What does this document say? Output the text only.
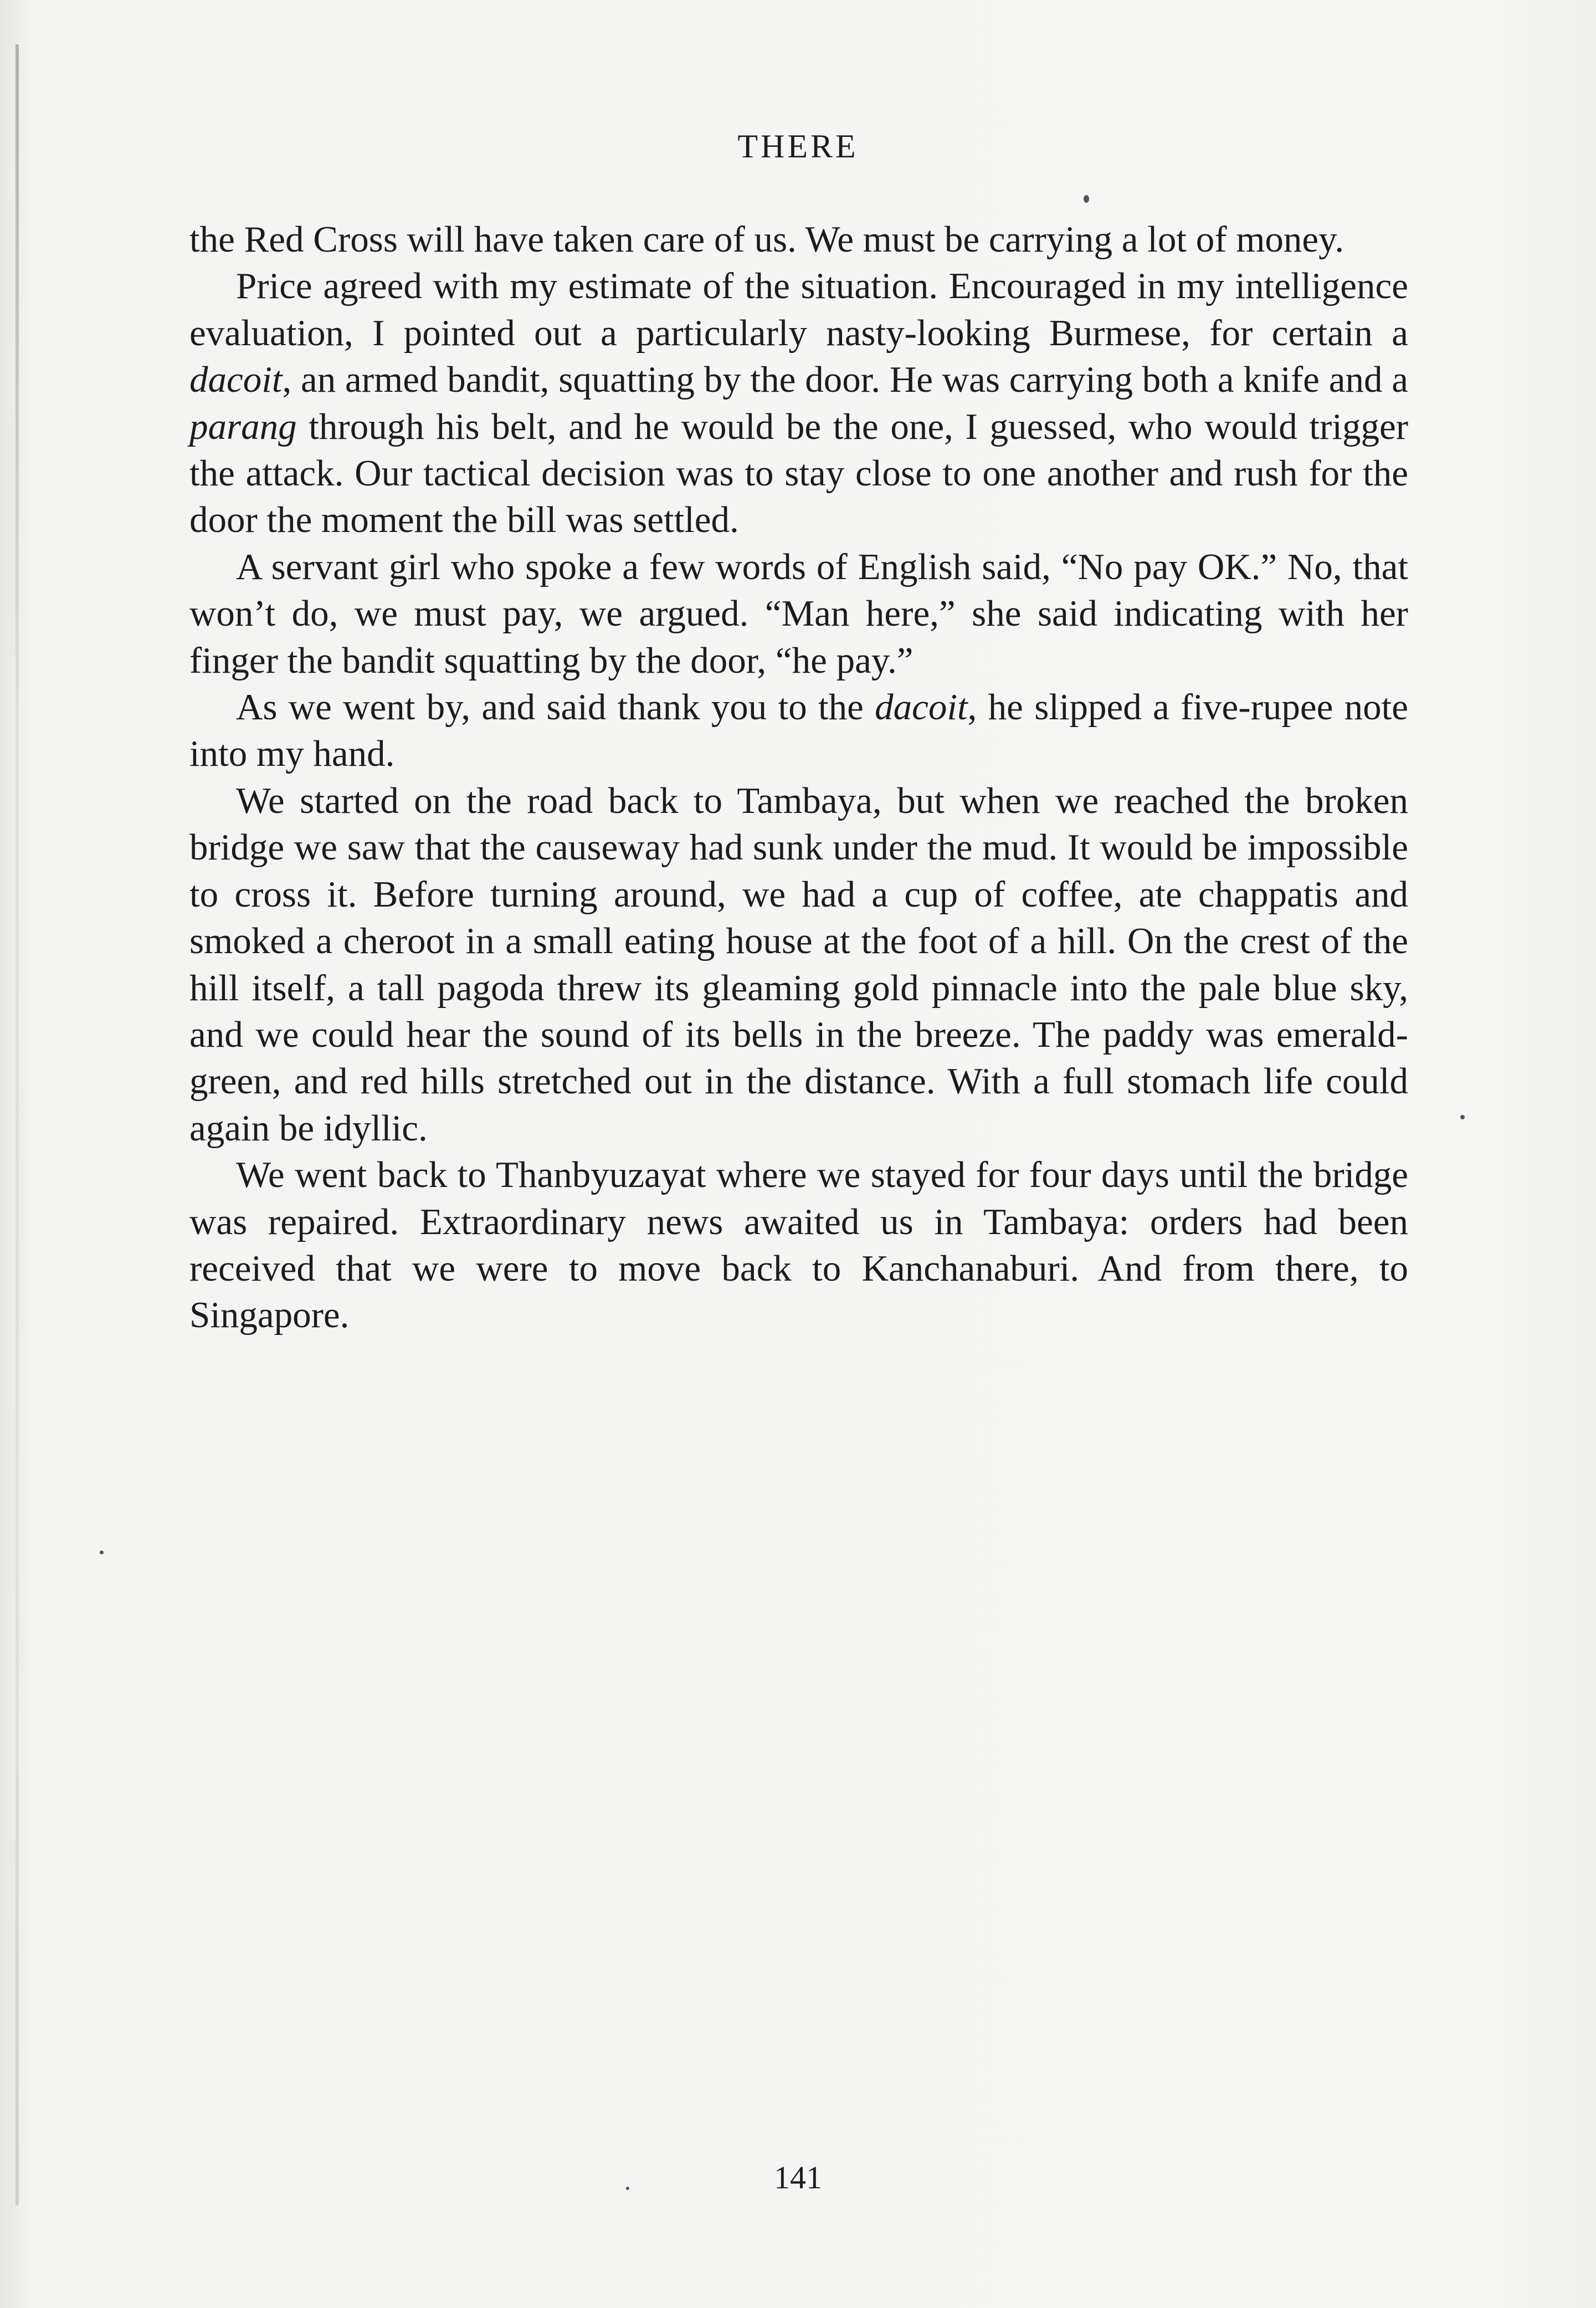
THERE

the Red Cross will have taken care of us. We must be carrying a lot of money.

Price agreed with my estimate of the situation. Encouraged in my intelligence evaluation, I pointed out a particularly nasty-looking Burmese, for certain a dacoit, an armed bandit, squatting by the door. He was carrying both a knife and a parang through his belt, and he would be the one, I guessed, who would trigger the attack. Our tactical decision was to stay close to one another and rush for the door the moment the bill was settled.

A servant girl who spoke a few words of English said, “No pay OK.” No, that won’t do, we must pay, we argued. “Man here,” she said indicating with her finger the bandit squatting by the door, “he pay.”

As we went by, and said thank you to the dacoit, he slipped a five-rupee note into my hand.

We started on the road back to Tambaya, but when we reached the broken bridge we saw that the causeway had sunk under the mud. It would be impossible to cross it. Before turning around, we had a cup of coffee, ate chappatis and smoked a cheroot in a small eating house at the foot of a hill. On the crest of the hill itself, a tall pagoda threw its gleaming gold pinnacle into the pale blue sky, and we could hear the sound of its bells in the breeze. The paddy was emerald-green, and red hills stretched out in the distance. With a full stomach life could again be idyllic.

We went back to Thanbyuzayat where we stayed for four days until the bridge was repaired. Extraordinary news awaited us in Tambaya: orders had been received that we were to move back to Kanchanaburi. And from there, to Singapore.

141
